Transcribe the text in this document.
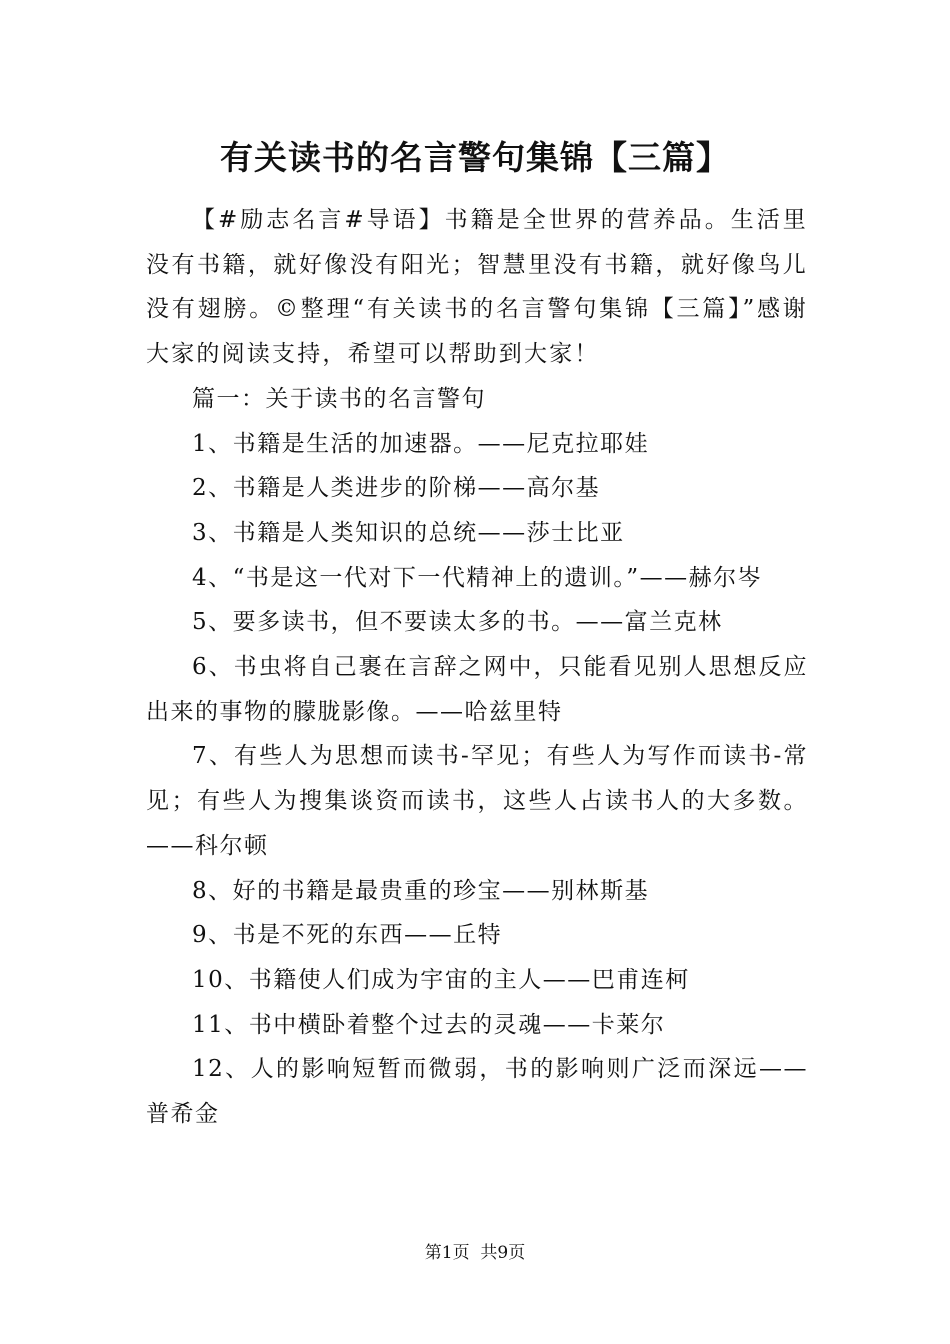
有关读书的名言警句集锦【三篇】

【#励志名言#导语】书籍是全世界的营养品。生活里没有书籍，就好像没有阳光；智慧里没有书籍，就好像鸟儿没有翅膀。©整理“有关读书的名言警句集锦【三篇】”感谢大家的阅读支持，希望可以帮助到大家！

篇一：关于读书的名言警句

1、书籍是生活的加速器。——尼克拉耶娃

2、书籍是人类进步的阶梯——高尔基

3、书籍是人类知识的总统——莎士比亚

4、“书是这一代对下一代精神上的遗训。”——赫尔岑

5、要多读书，但不要读太多的书。——富兰克林

6、书虫将自己裹在言辞之网中，只能看见别人思想反应出来的事物的朦胧影像。——哈兹里特

7、有些人为思想而读书-罕见；有些人为写作而读书-常见；有些人为搜集谈资而读书，这些人占读书人的大多数。——科尔顿

8、好的书籍是最贵重的珍宝——别林斯基

9、书是不死的东西——丘特

10、书籍使人们成为宇宙的主人——巴甫连柯

11、书中横卧着整个过去的灵魂——卡莱尔

12、人的影响短暂而微弱，书的影响则广泛而深远——普希金

第1页 共9页
